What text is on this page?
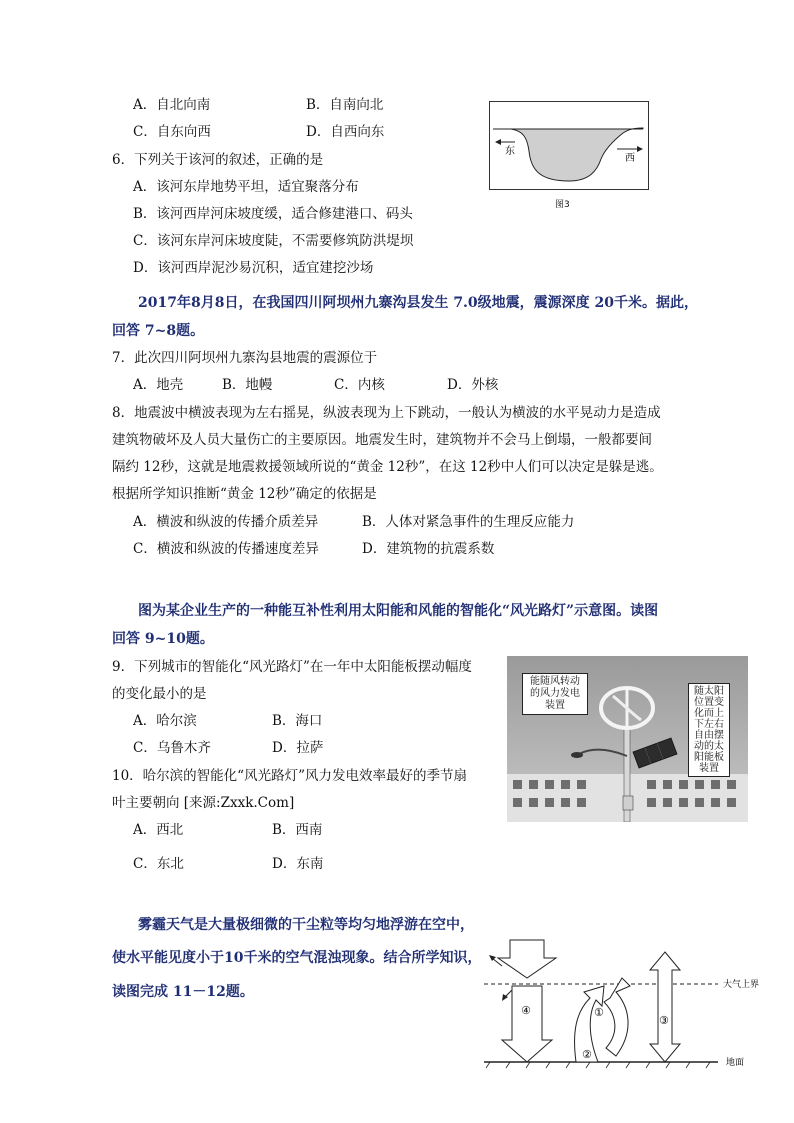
A．自北向南	B．自南向北
C．自东向西	D．自西向东
东
西
图3
6．下列关于该河的叙述，正确的是
A．该河东岸地势平坦，适宜聚落分布
B．该河西岸河床坡度缓，适合修建港口、码头
C．该河东岸河床坡度陡，不需要修筑防洪堤坝
D．该河西岸泥沙易沉积，适宜建挖沙场
2017年8月8日，在我国四川阿坝州九寨沟县发生 7.0级地震，震源深度 20千米。据此，
回答 7~8题。
7．此次四川阿坝州九寨沟县地震的震源位于
A．地壳	B．地幔	C．内核	D．外核
8．地震波中横波表现为左右摇晃，纵波表现为上下跳动，一般认为横波的水平晃动力是造成
建筑物破坏及人员大量伤亡的主要原因。地震发生时，建筑物并不会马上倒塌，一般都要间
隔约 12秒，这就是地震救援领域所说的“黄金 12秒”，在这 12秒中人们可以决定是躲是逃。
根据所学知识推断“黄金 12秒”确定的依据是
A．横波和纵波的传播介质差异	B．人体对紧急事件的生理反应能力
C．横波和纵波的传播速度差异	D．建筑物的抗震系数
图为某企业生产的一种能互补性利用太阳能和风能的智能化“风光路灯”示意图。读图
回答 9~10题。
能随风转动的风力发电装置
随太阳位置变化而上下左右自由摆动的太阳能板装置
9．下列城市的智能化“风光路灯”在一年中太阳能板摆动幅度
的变化最小的是
A．哈尔滨	B．海口
C．乌鲁木齐	D．拉萨
10．哈尔滨的智能化“风光路灯”风力发电效率最好的季节扇
叶主要朝向 [来源:Zxxk.Com]
A．西北	B．西南
C．东北	D．东南
雾霾天气是大量极细微的干尘粒等均匀地浮游在空中，
使水平能见度小于10千米的空气混浊现象。结合所学知识，
读图完成 11－12题。	大气上界
地面
①
②
③
④
